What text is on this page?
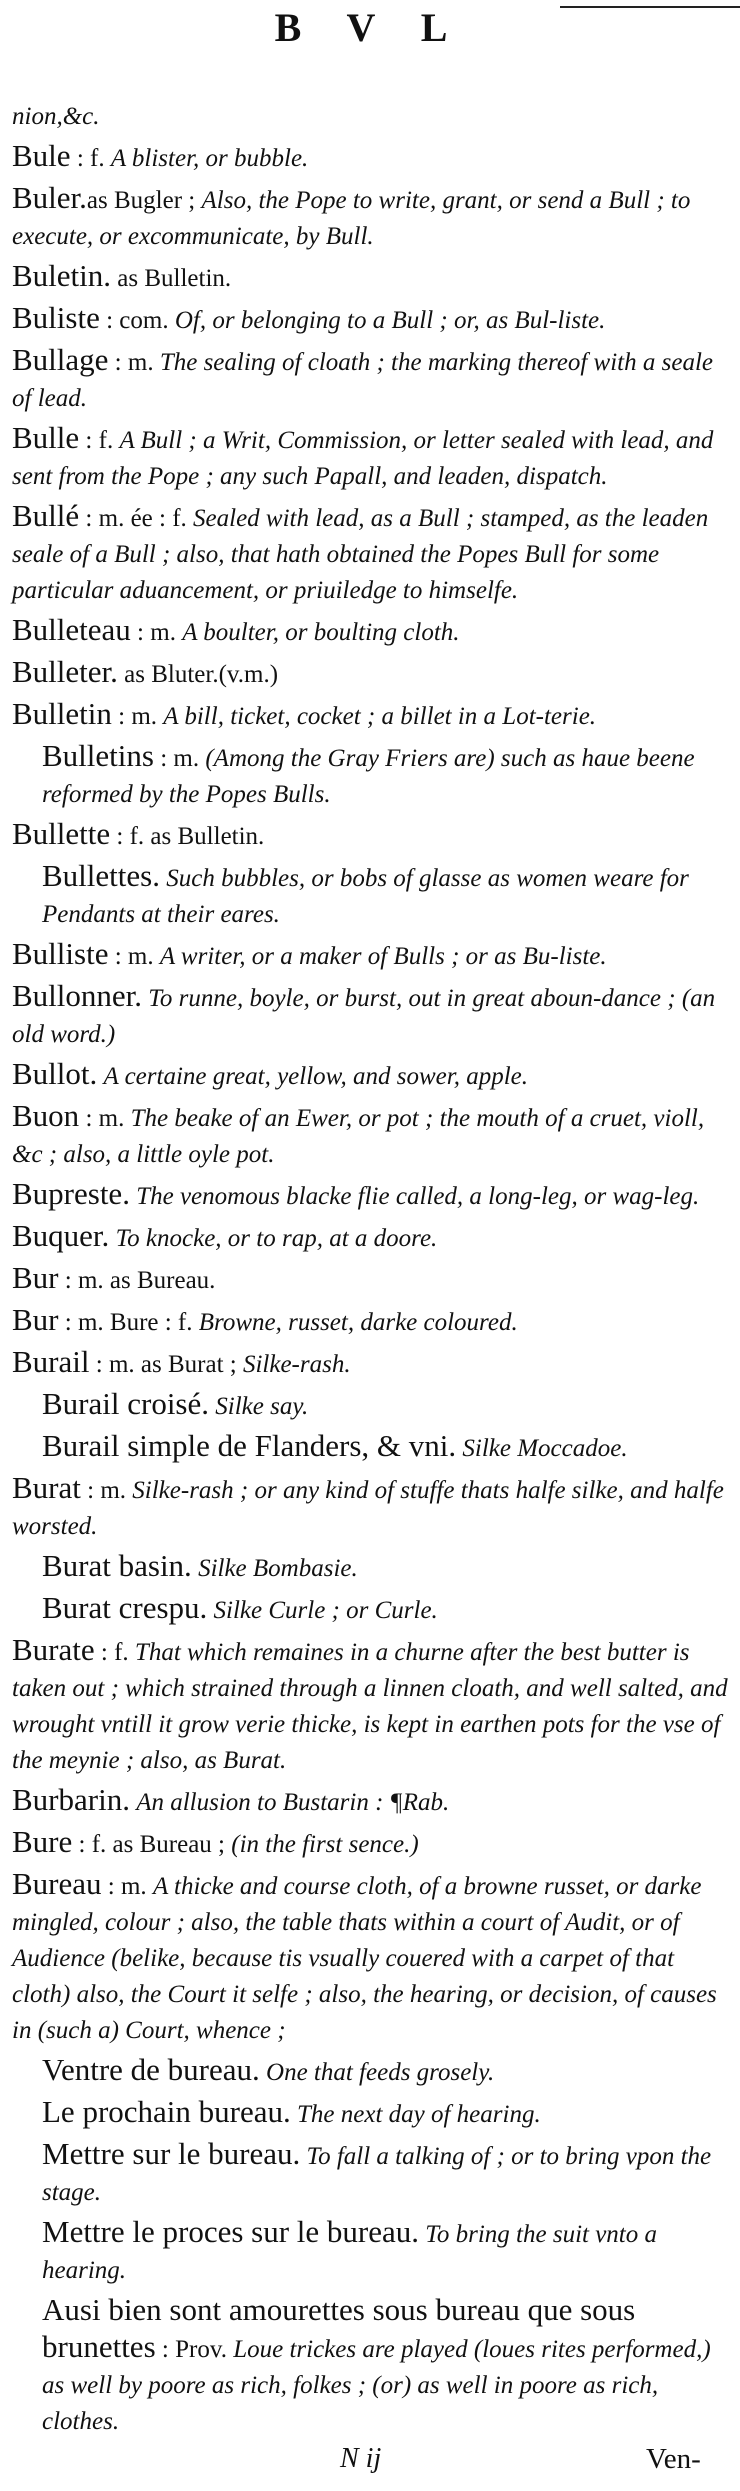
B V L
nion,&c.
Bule : f. A blister, or bubble.
Buler.as Bugler ; Also, the Pope to write, grant, or send a Bull ; to execute, or excommunicate, by Bull.
Buletin. as Bulletin.
Buliste : com. Of, or belonging to a Bull ; or, as Bul-liste.
Bullage : m. The sealing of cloath ; the marking thereof with a seale of lead.
Bulle : f. A Bull ; a Writ, Commission, or letter sealed with lead, and sent from the Pope ; any such Papall, and leaden, dispatch.
Bullé : m. ée : f. Sealed with lead, as a Bull ; stamped, as the leaden seale of a Bull ; also, that hath obtained the Popes Bull for some particular aduancement, or priuiledge to himselfe.
Bulleteau : m. A boulter, or boulting cloth.
Bulleter. as Bluter.(v.m.)
Bulletin : m. A bill, ticket, cocket ; a billet in a Lot-terie.
Bulletins : m. (Among the Gray Friers are) such as haue beene reformed by the Popes Bulls.
Bullette : f. as Bulletin.
Bullettes. Such bubbles, or bobs of glasse as women weare for Pendants at their eares.
Bulliste : m. A writer, or a maker of Bulls ; or as Bu-liste.
Bullonner. To runne, boyle, or burst, out in great aboun-dance ; (an old word.)
Bullot. A certaine great, yellow, and sower, apple.
Buon : m. The beake of an Ewer, or pot ; the mouth of a cruet, violl, &c ; also, a little oyle pot.
Bupreste. The venomous blacke flie called, a long-leg, or wag-leg.
Buquer. To knocke, or to rap, at a doore.
Bur : m. as Bureau.
Bur : m. Bure : f. Browne, russet, darke coloured.
Burail : m. as Burat ; Silke-rash.
Burail croisé. Silke say.
Burail simple de Flanders, & vni. Silke Moccadoe.
Burat : m. Silke-rash ; or any kind of stuffe thats halfe silke, and halfe worsted.
Burat basin. Silke Bombasie.
Burat crespu. Silke Curle ; or Curle.
Burate : f. That which remaines in a churne after the best butter is taken out ; which strained through a linnen cloath, and well salted, and wrought vntill it grow verie thicke, is kept in earthen pots for the vse of the meynie ; also, as Burat.
Burbarin. An allusion to Bustarin : ¶Rab.
Bure : f. as Bureau ; (in the first sence.)
Bureau : m. A thicke and course cloth, of a browne russet, or darke mingled, colour ; also, the table thats within a court of Audit, or of Audience (belike, because tis vsually couered with a carpet of that cloth) also, the Court it selfe ; also, the hearing, or decision, of causes in (such a) Court, whence ;
Ventre de bureau. One that feeds grosely.
Le prochain bureau. The next day of hearing.
Mettre sur le bureau. To fall a talking of ; or to bring vpon the stage.
Mettre le proces sur le bureau. To bring the suit vnto a hearing.
Ausi bien sont amourettes sous bureau que sous brunettes : Prov. Loue trickes are played (loues rites performed,) as well by poore as rich, folkes ; (or) as well in poore as rich, clothes.
N ij	Ven-
